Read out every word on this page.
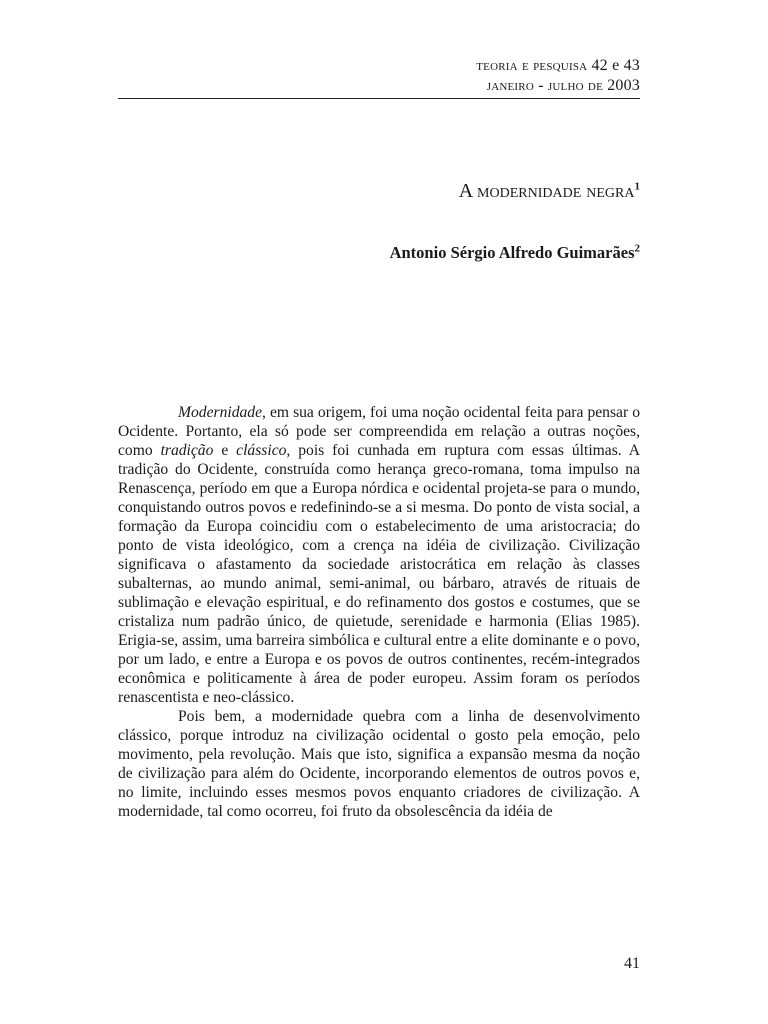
teoria e pesquisa 42 e 43
janeiro - julho de 2003
A modernidade negra$^1$
Antonio Sérgio Alfredo Guimarães$^2$

Modernidade, em sua origem, foi uma noção ocidental feita para pensar o Ocidente. Portanto, ela só pode ser compreendida em relação a outras noções, como tradição e clássico, pois foi cunhada em ruptura com essas últimas. A tradição do Ocidente, construída como herança greco-romana, toma impulso na Renascença, período em que a Europa nórdica e ocidental projeta-se para o mundo, conquistando outros povos e redefinindo-se a si mesma. Do ponto de vista social, a formação da Europa coincidiu com o estabelecimento de uma aristocracia; do ponto de vista ideológico, com a crença na idéia de civilização. Civilização significava o afastamento da sociedade aristocrática em relação às classes subalternas, ao mundo animal, semi-animal, ou bárbaro, através de rituais de sublimação e elevação espiritual, e do refinamento dos gostos e costumes, que se cristaliza num padrão único, de quietude, serenidade e harmonia (Elias 1985). Erigia-se, assim, uma barreira simbólica e cultural entre a elite dominante e o povo, por um lado, e entre a Europa e os povos de outros continentes, recém-integrados econômica e politicamente à área de poder europeu. Assim foram os períodos renascentista e neo-clássico.

Pois bem, a modernidade quebra com a linha de desenvolvimento clássico, porque introduz na civilização ocidental o gosto pela emoção, pelo movimento, pela revolução. Mais que isto, significa a expansão mesma da noção de civilização para além do Ocidente, incorporando elementos de outros povos e, no limite, incluindo esses mesmos povos enquanto criadores de civilização. A modernidade, tal como ocorreu, foi fruto da obsolescência da idéia de

41
